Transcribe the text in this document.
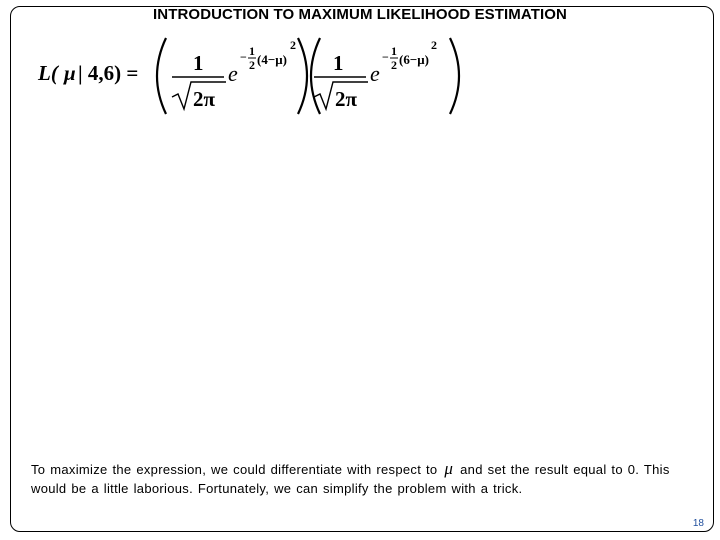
INTRODUCTION TO MAXIMUM LIKELIHOOD ESTIMATION
L( μ | 4,6) =	1
2π
e
− 1
2 (4−μ)
2
1
2π
e
− 1
2 (6−μ)
2
To maximize the expression, we could differentiate with respect to μ and set the result equal to 0. This would be a little laborious. Fortunately, we can simplify the problem with a trick.
18
